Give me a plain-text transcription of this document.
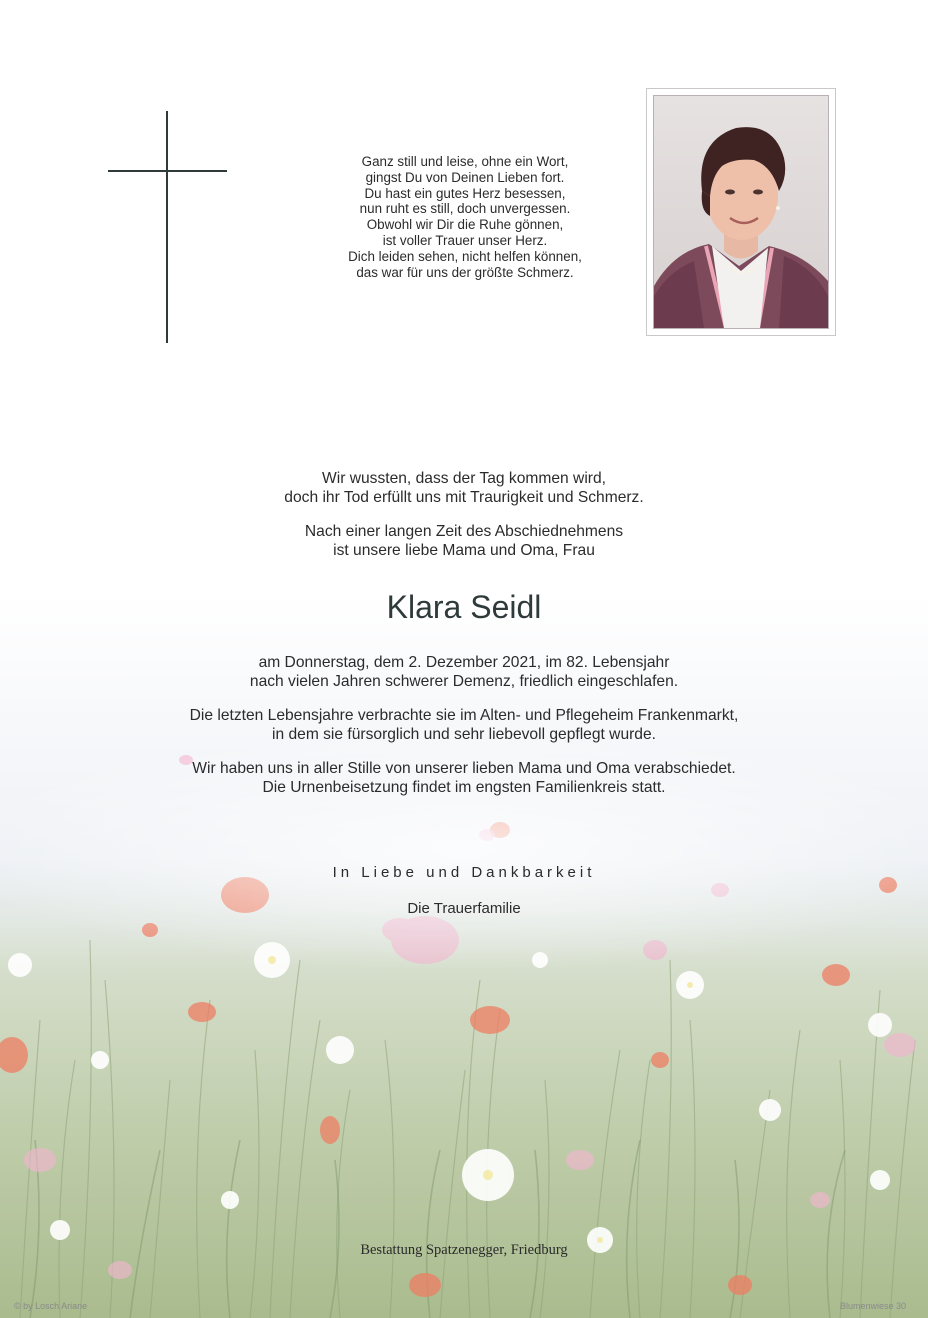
Ganz still und leise, ohne ein Wort,
gingst Du von Deinen Lieben fort.
Du hast ein gutes Herz besessen,
nun ruht es still, doch unvergessen.
Obwohl wir Dir die Ruhe gönnen,
ist voller Trauer unser Herz.
Dich leiden sehen, nicht helfen können,
das war für uns der größte Schmerz.
Wir wussten, dass der Tag kommen wird,
doch ihr Tod erfüllt uns mit Traurigkeit und Schmerz.
Nach einer langen Zeit des Abschiednehmens
ist unsere liebe Mama und Oma, Frau
Klara Seidl
am Donnerstag, dem 2. Dezember 2021, im 82. Lebensjahr
nach vielen Jahren schwerer Demenz, friedlich eingeschlafen.
Die letzten Lebensjahre verbrachte sie im Alten- und Pflegeheim Frankenmarkt,
in dem sie fürsorglich und sehr liebevoll gepflegt wurde.
Wir haben uns in aller Stille von unserer lieben Mama und Oma verabschiedet.
Die Urnenbeisetzung findet im engsten Familienkreis statt.
In Liebe und Dankbarkeit
Die Trauerfamilie
Bestattung Spatzenegger, Friedburg
© by Losch Ariane	Blumenwiese 30
